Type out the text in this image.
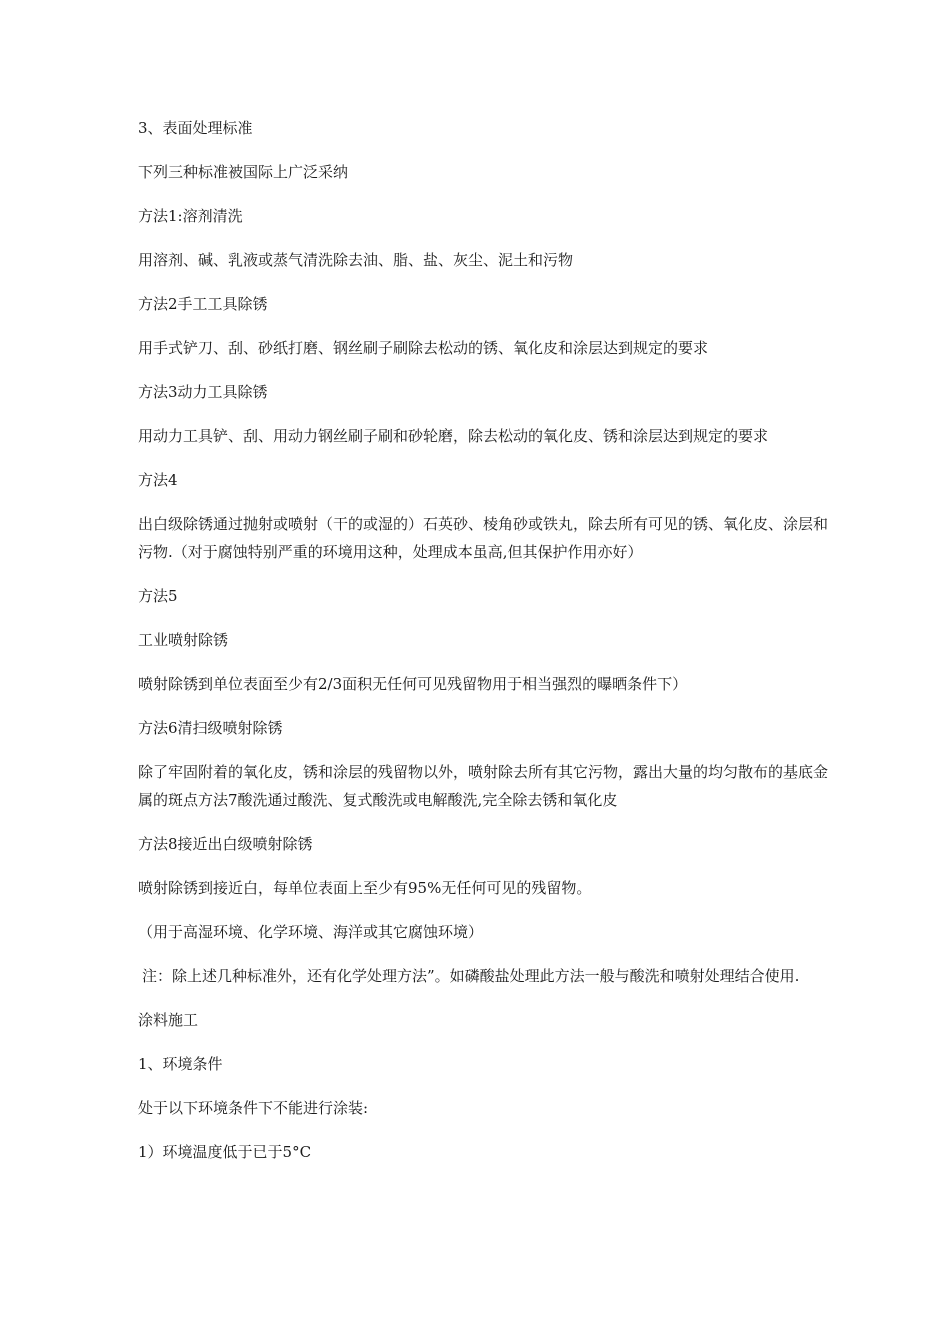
3、表面处理标准

下列三种标准被国际上广泛采纳

方法1:溶剂清洗

用溶剂、碱、乳液或蒸气清洗除去油、脂、盐、灰尘、泥土和污物

方法2手工工具除锈

用手式铲刀、刮、砂纸打磨、钢丝刷子刷除去松动的锈、氧化皮和涂层达到规定的要求

方法3动力工具除锈

用动力工具铲、刮、用动力钢丝刷子刷和砂轮磨，除去松动的氧化皮、锈和涂层达到规定的要求

方法4

出白级除锈通过抛射或喷射（干的或湿的）石英砂、棱角砂或铁丸，除去所有可见的锈、氧化皮、涂层和污物.（对于腐蚀特别严重的环境用这种，处理成本虽高,但其保护作用亦好）

方法5

工业喷射除锈

喷射除锈到单位表面至少有2/3面积无任何可见残留物用于相当强烈的曝晒条件下）

方法6清扫级喷射除锈

除了牢固附着的氧化皮，锈和涂层的残留物以外，喷射除去所有其它污物，露出大量的均匀散布的基底金属的斑点方法7酸洗通过酸洗、复式酸洗或电解酸洗,完全除去锈和氧化皮

方法8接近出白级喷射除锈

喷射除锈到接近白，每单位表面上至少有95%无任何可见的残留物。

（用于高湿环境、化学环境、海洋或其它腐蚀环境）

注：除上述几种标准外，还有化学处理方法”。如磷酸盐处理此方法一般与酸洗和喷射处理结合使用.

涂料施工

1、环境条件

处于以下环境条件下不能进行涂装:

1）环境温度低于已于5°C
